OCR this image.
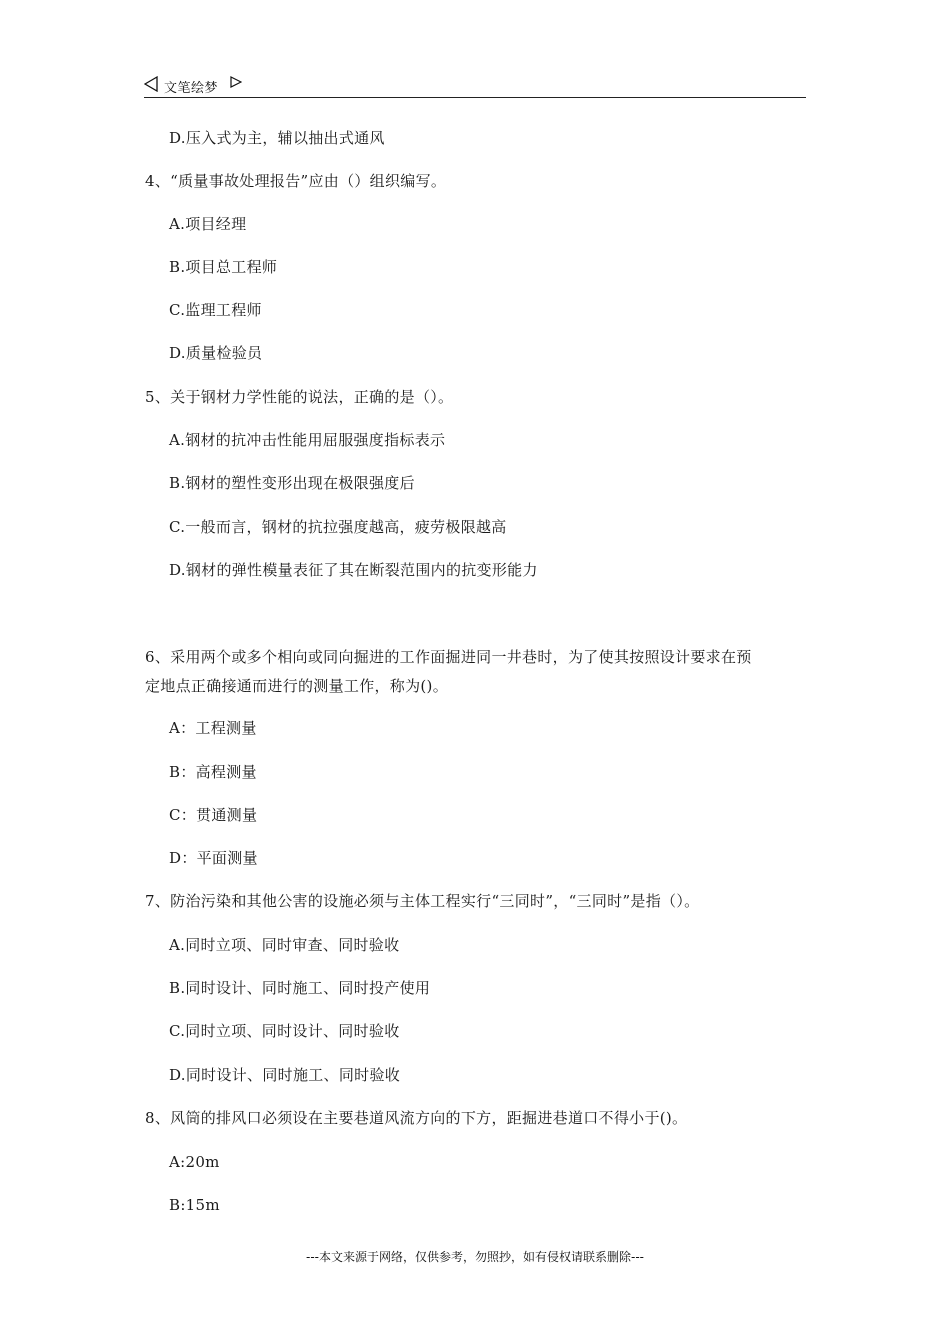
文笔绘梦
D.压入式为主，辅以抽出式通风
4、“质量事故处理报告”应由（）组织编写。
A.项目经理
B.项目总工程师
C.监理工程师
D.质量检验员
5、关于钢材力学性能的说法，正确的是（）。
A.钢材的抗冲击性能用屈服强度指标表示
B.钢材的塑性变形出现在极限强度后
C.一般而言，钢材的抗拉强度越高，疲劳极限越高
D.钢材的弹性模量表征了其在断裂范围内的抗变形能力
6、采用两个或多个相向或同向掘进的工作面掘进同一井巷时，为了使其按照设计要求在预
定地点正确接通而进行的测量工作，称为()。
A：工程测量
B：高程测量
C：贯通测量
D：平面测量
7、防治污染和其他公害的设施必须与主体工程实行“三同时”，“三同时”是指（）。
A.同时立项、同时审查、同时验收
B.同时设计、同时施工、同时投产使用
C.同时立项、同时设计、同时验收
D.同时设计、同时施工、同时验收
8、风筒的排风口必须设在主要巷道风流方向的下方，距掘进巷道口不得小于()。
A:20m
B:15m
---本文来源于网络，仅供参考，勿照抄，如有侵权请联系删除---
